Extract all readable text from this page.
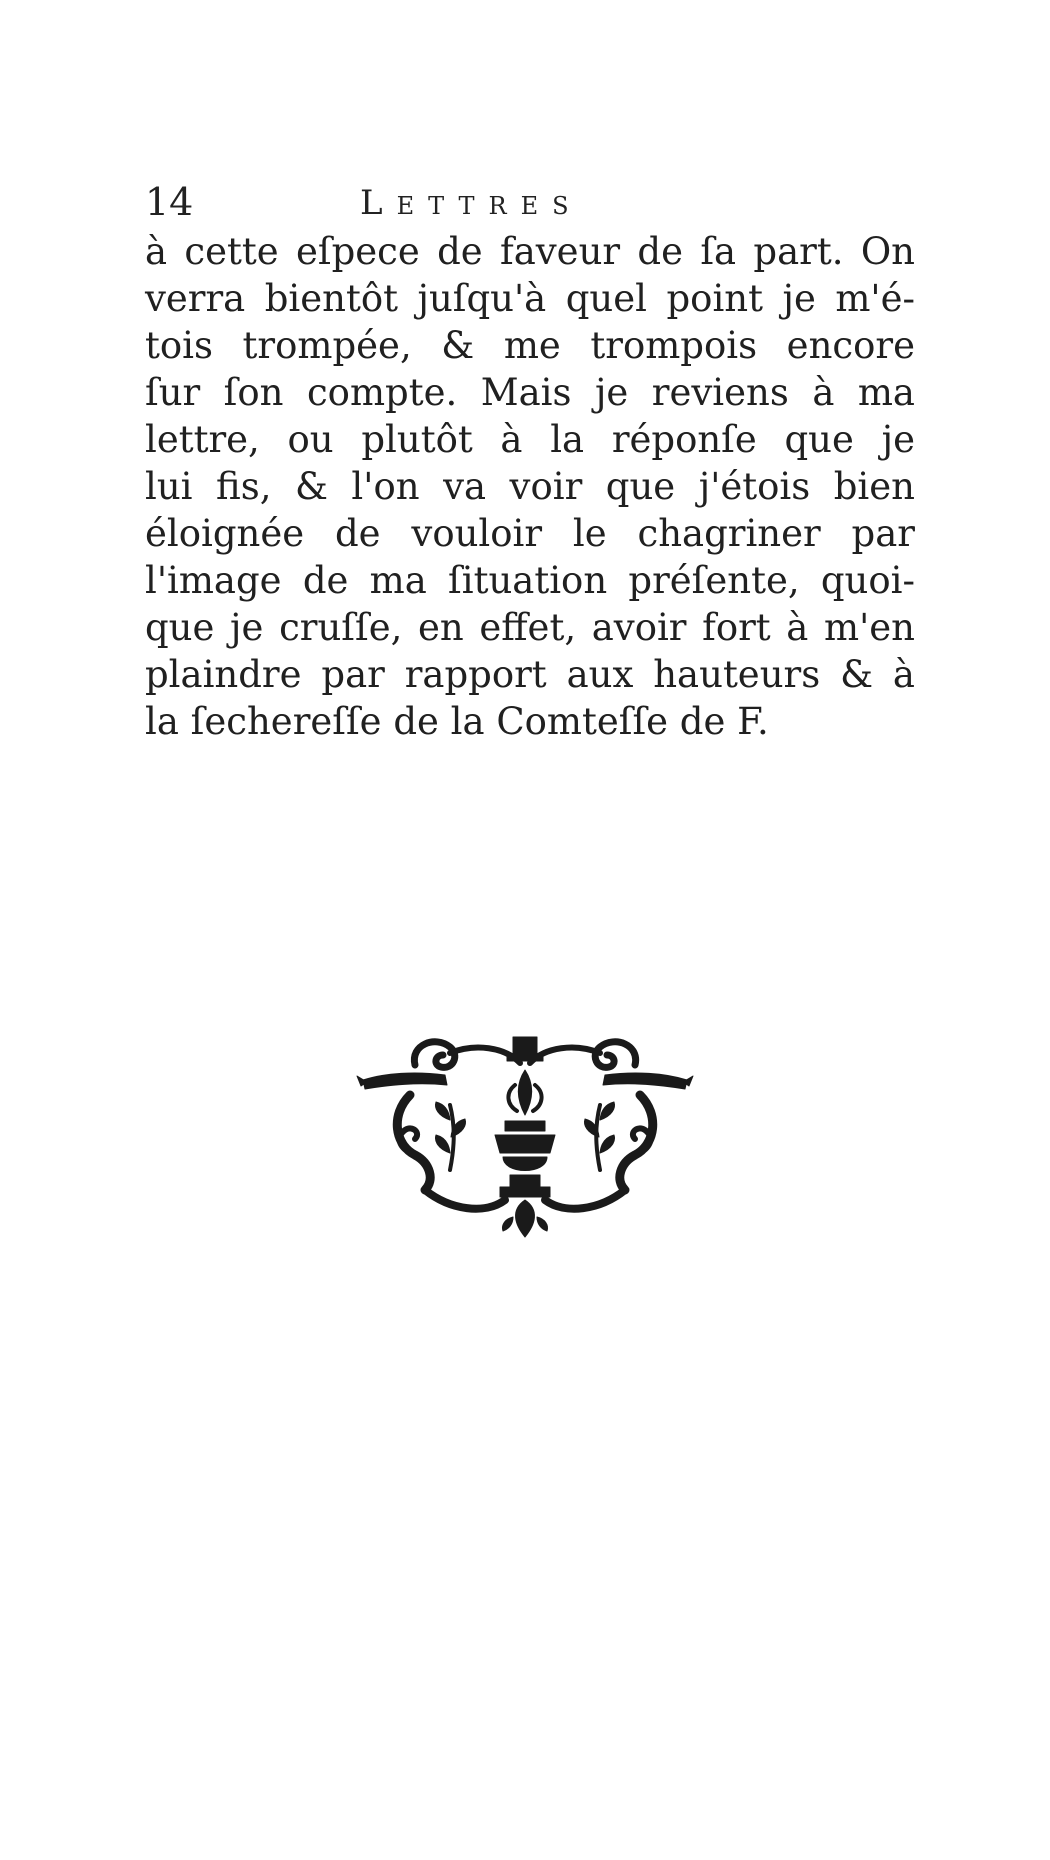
14	Lettres
à cette eſpece de faveur de ſa part. On
verra bientôt juſqu'à quel point je m'é-
tois trompée, & me trompois encore
ſur ſon compte. Mais je reviens à ma
lettre, ou plutôt à la réponſe que je
lui fis, & l'on va voir que j'étois bien
éloignée de vouloir le chagriner par
l'image de ma ſituation préſente, quoi-
que je cruſſe, en effet, avoir fort à m'en
plaindre par rapport aux hauteurs & à
la ſechereſſe de la Comteſſe de F.
